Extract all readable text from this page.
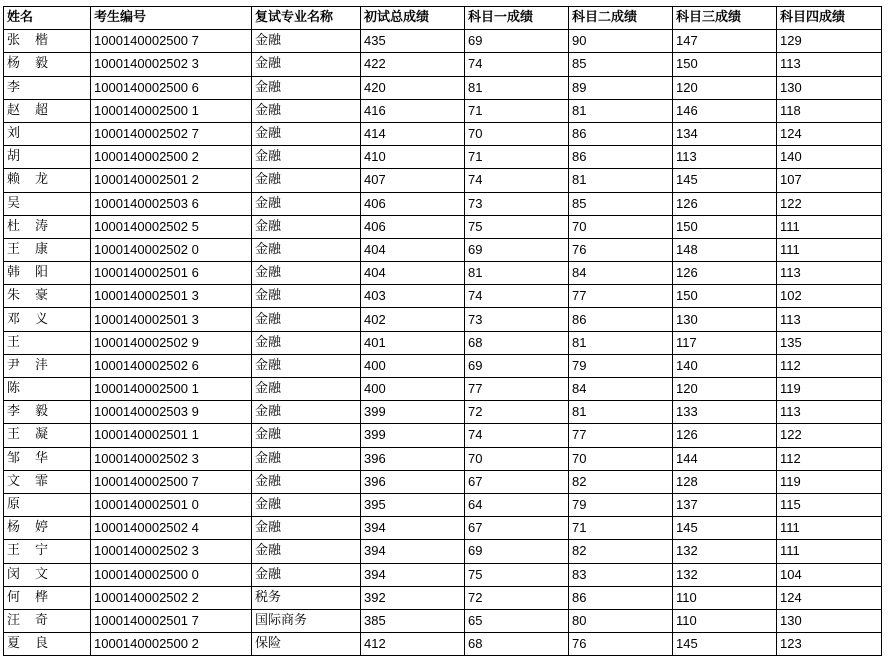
姓名	考生编号	复试专业名称	初试总成绩	科目一成绩	科目二成绩	科目三成绩	科目四成绩
张 楷	1000140002500 7	金融	435	69	90	147	129
杨 毅	1000140002502 3	金融	422	74	85	150	113
李	1000140002500 6	金融	420	81	89	120	130
赵 超	1000140002500 1	金融	416	71	81	146	118
刘	1000140002502 7	金融	414	70	86	134	124
胡	1000140002500 2	金融	410	71	86	113	140
赖 龙	1000140002501 2	金融	407	74	81	145	107
吴	1000140002503 6	金融	406	73	85	126	122
杜 涛	1000140002502 5	金融	406	75	70	150	111
王 康	1000140002502 0	金融	404	69	76	148	111
韩 阳	1000140002501 6	金融	404	81	84	126	113
朱 豪	1000140002501 3	金融	403	74	77	150	102
邓 义	1000140002501 3	金融	402	73	86	130	113
王	1000140002502 9	金融	401	68	81	117	135
尹 沣	1000140002502 6	金融	400	69	79	140	112
陈	1000140002500 1	金融	400	77	84	120	119
李 毅	1000140002503 9	金融	399	72	81	133	113
王 凝	1000140002501 1	金融	399	74	77	126	122
邹 华	1000140002502 3	金融	396	70	70	144	112
文 霏	1000140002500 7	金融	396	67	82	128	119
原	1000140002501 0	金融	395	64	79	137	115
杨 婷	1000140002502 4	金融	394	67	71	145	111
王 宁	1000140002502 3	金融	394	69	82	132	111
闵 文	1000140002500 0	金融	394	75	83	132	104
何 桦	1000140002502 2	税务	392	72	86	110	124
汪 奇	1000140002501 7	国际商务	385	65	80	110	130
夏 良	1000140002500 2	保险	412	68	76	145	123
